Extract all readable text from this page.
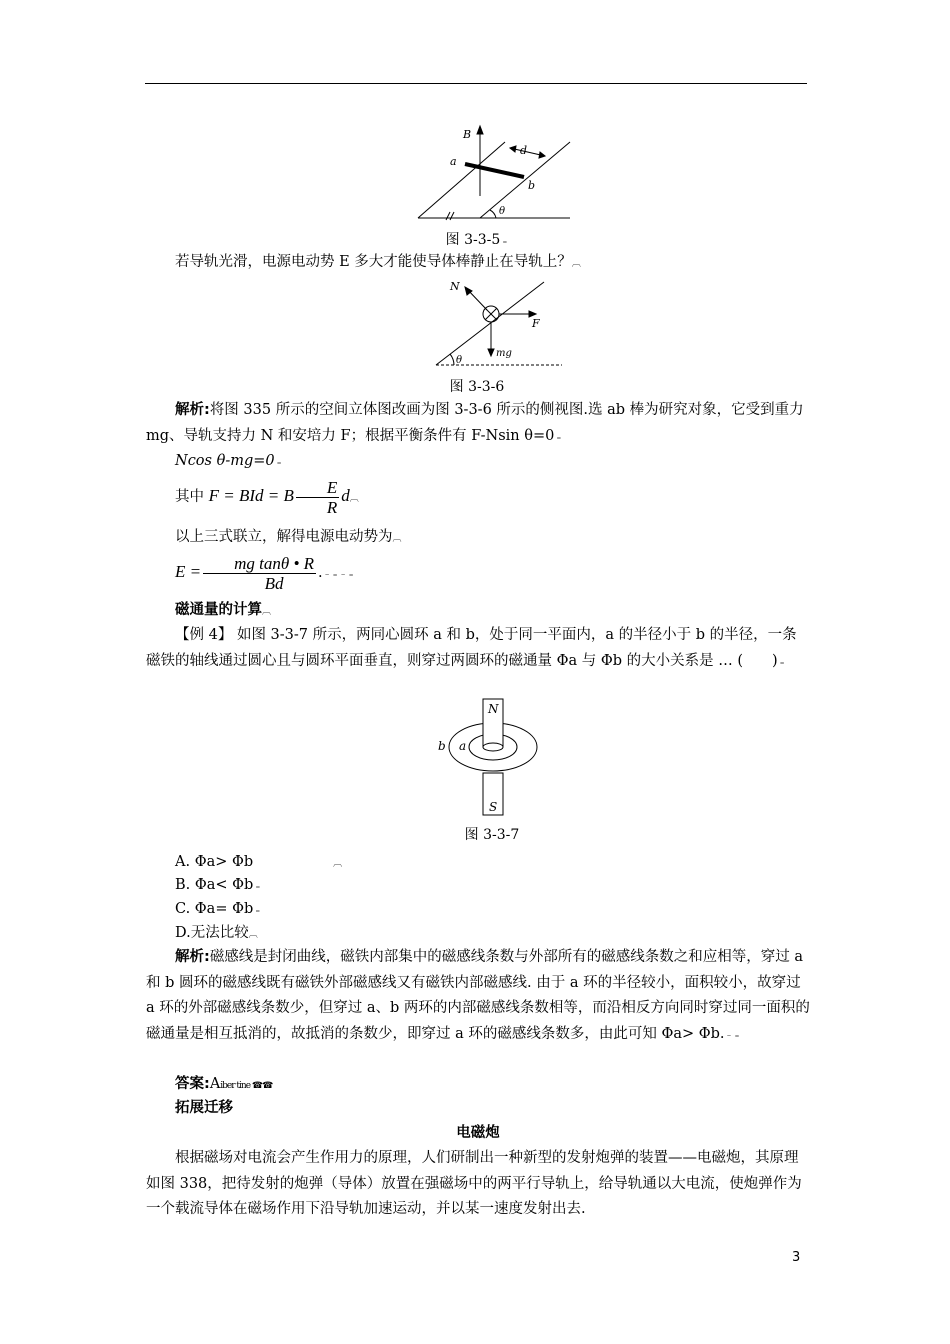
B
a
b
d
θ
图 3-3-5﹦
若导轨光滑，电源电动势 E 多大才能使导体棒静止在导轨上？︹
N
F
mg
θ
图 3-3-6
解析:将图 335 所示的空间立体图改画为图 3-3-6 所示的侧视图.选 ab 棒为研究对象，它受到重力 mg、导轨支持力 N 和安培力 F；根据平衡条件有 F-Nsin θ=0﹦
Ncos θ-mg=0﹦
其中 F = BId = B $\frac{E}{R}$ d︹
以上三式联立，解得电源电动势为︹
$E = \frac{\text{mg tanθ • R}}{Bd}$ .﹣﹦﹣﹦
磁通量的计算︹
【例 4】 如图 3-3-7 所示，两同心圆环 a 和 b，处于同一平面内，a 的半径小于 b 的半径，一条磁铁的轴线通过圆心且与圆环平面垂直，则穿过两圆环的磁通量 Φa 与 Φb 的大小关系是 … (　　)﹦
N
S
a
b
图 3-3-7
A. Φa> Φb	︹
B. Φa< Φb﹦
C. Φa= Φb﹦
D.无法比较︹
解析:磁感线是封闭曲线，磁铁内部集中的磁感线条数与外部所有的磁感线条数之和应相等，穿过 a 和 b 圆环的磁感线既有磁铁外部磁感线又有磁铁内部磁感线. 由于 a 环的半径较小，面积较小，故穿过 a 环的外部磁感线条数少，但穿过 a、b 两环的内部磁感线条数相等，而沿相反方向同时穿过同一面积的磁通量是相互抵消的，故抵消的条数少，即穿过 a 环的磁感线条数多，由此可知 Φa> Φb.﹣﹦
答案:Aiber tine ☎☎
拓展迁移
电磁炮
根据磁场对电流会产生作用力的原理，人们研制出一种新型的发射炮弹的装置——电磁炮，其原理如图 338，把待发射的炮弹（导体）放置在强磁场中的两平行导轨上，给导轨通以大电流，使炮弹作为一个载流导体在磁场作用下沿导轨加速运动，并以某一速度发射出去.
3
